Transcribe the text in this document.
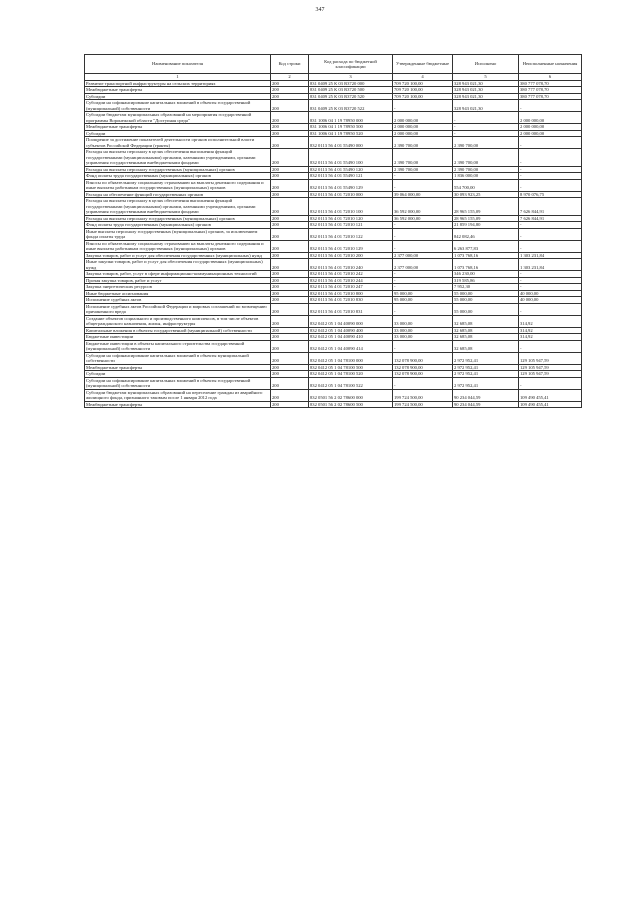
347
Наименование показателя	Код строки	Код расхода по бюджетной классификации	Утвержденные бюджетные	Исполнено	Неисполненные назначения
1	2	3	4	5	6
Развитие транспортной инфраструктуры на сельских территориях	200	831 0409 25 К 03 R3720 000	709 720 100,00	328 943 021,30	380 777 078,70
Межбюджетные трансферты	200	831 0409 25 К 03 R3720 500	709 720 100,00	328 943 021,30	380 777 078,70
Субсидии	200	831 0409 25 К 03 R3720 520	709 720 100,00	328 943 021,30	380 777 078,70
Субсидии на софинансирование капитальных вложений в объекты государственной (муниципальной) собственности	200	831 0409 25 К 03 R3720 522	-	328 943 021,30	-
Субсидии бюджетам муниципальных образований на мероприятия государственной программы Воронежской области "Доступная среда"	200	831 1006 04 1 19 78950 000	2 000 000,00	-	2 000 000,00
Межбюджетные трансферты	200	831 1006 04 1 19 78950 500	2 000 000,00	-	2 000 000,00
Субсидии	200	831 1006 04 1 19 78950 520	2 000 000,00	-	2 000 000,00
Поощрение за достижение показателей деятельности органов исполнительной власти субъектов Российской Федерации (гранты)	200	832 0113 56 4 01 55490 000	2 390 700,00	2 390 700,00	-
Расходы на выплаты персоналу в целях обеспечения выполнения функций государственными (муниципальными) органами, казенными учреждениями, органами управления государственными внебюджетными фондами	200	832 0113 56 4 01 55490 100	2 390 700,00	2 390 700,00	-
Расходы на выплаты персоналу государственных (муниципальных) органов	200	832 0113 56 4 01 55490 120	2 390 700,00	2 390 700,00	-
Фонд оплаты труда государственных (муниципальных) органов	200	832 0113 56 4 01 55490 121	-	1 836 000,00	-
Взносы по обязательному социальному страхованию на выплаты денежного содержания и иные выплаты работникам государственных (муниципальных) органов	200	832 0113 56 4 01 55490 129	-	554 700,00	-
Расходы на обеспечение функций государственных органов	200	832 0113 56 4 01 72010 000	39 064 000,00	30 093 923,25	8 970 076,75
Расходы на выплаты персоналу в целях обеспечения выполнения функций государственными (муниципальными) органами, казенными учреждениями, органами управления государственными внебюджетными фондами	200	832 0113 56 4 01 72010 100	36 592 000,00	28 965 155,09	7 626 844,91
Расходы на выплаты персоналу государственных (муниципальных) органов	200	832 0113 56 4 01 72010 120	36 592 000,00	28 965 155,09	7 626 844,91
Фонд оплаты труда государственных (муниципальных) органов	200	832 0113 56 4 01 72010 121	-	21 859 194,80	-
Иные выплаты персоналу государственных (муниципальных) органов, за исключением фонда оплаты труда	200	832 0113 56 4 01 72010 122	-	842 082,46	-
Взносы по обязательному социальному страхованию на выплаты денежного содержания и иные выплаты работникам государственных (муниципальных) органов	200	832 0113 56 4 01 72010 129	-	6 263 877,83	-
Закупка товаров, работ и услуг для обеспечения государственных (муниципальных) нужд	200	832 0113 56 4 01 72010 200	2 377 000,00	1 073 768,16	1 303 231,84
Иные закупки товаров, работ и услуг для обеспечения государственных (муниципальных) нужд	200	832 0113 56 4 01 72010 240	2 377 000,00	1 073 768,16	1 303 231,84
Закупка товаров, работ, услуг в сфере информационно-коммуникационных технологий	200	832 0113 56 4 01 72010 242	-	346 230,00	-
Прочая закупка товаров, работ и услуг	200	832 0113 56 4 01 72010 244	-	319 585,86	-
Закупка энергетических ресурсов	200	832 0113 56 4 01 72010 247	-	7 952,30	-
Иные бюджетные ассигнования	200	832 0113 56 4 01 72010 800	95 000,00	55 000,00	40 000,00
Исполнение судебных актов	200	832 0113 56 4 01 72010 830	95 000,00	55 000,00	40 000,00
Исполнение судебных актов Российской Федерации и мировых соглашений по возмещению причиненного вреда	200	832 0113 56 4 01 72010 831	-	55 000,00	-
Создание объектов социального и производственного комплексов, в том числе объектов общегражданского назначения, жилья, инфраструктуры	200	832 0412 05 1 04 40090 000	33 000,00	32 685,08	314,92
Капитальные вложения в объекты государственной (муниципальной) собственности	200	832 0412 05 1 04 40090 400	33 000,00	32 685,08	314,92
Бюджетные инвестиции	200	832 0412 05 1 04 40090 410	33 000,00	32 685,08	314,92
Бюджетные инвестиции в объекты капитального строительства государственной (муниципальной) собственности	200	832 0412 05 1 04 40090 414	-	32 685,08	-
Субсидии на софинансирование капитальных вложений в объекты муниципальной собственности	200	832 0412 05 1 04 78100 000	132 078 900,00	2 972 952,41	129 105 947,59
Межбюджетные трансферты	200	832 0412 05 1 04 78100 500	132 078 900,00	2 972 952,41	129 105 947,59
Субсидии	200	832 0412 05 1 04 78100 520	132 078 900,00	2 972 952,41	129 105 947,59
Субсидии на софинансирование капитальных вложений в объекты государственной (муниципальной) собственности	200	832 0412 05 1 04 78100 522	-	2 972 952,41	-
Субсидии бюджетам муниципальных образований на переселение граждан из аварийного жилищного фонда, признанного таковым после 1 января 2012 года	200	832 0501 56 2 02 78600 000	199 724 500,00	90 234 044,59	109 490 455,41
Межбюджетные трансферты	200	832 0501 56 2 02 78600 500	199 724 500,00	90 234 044,59	109 490 455,41
